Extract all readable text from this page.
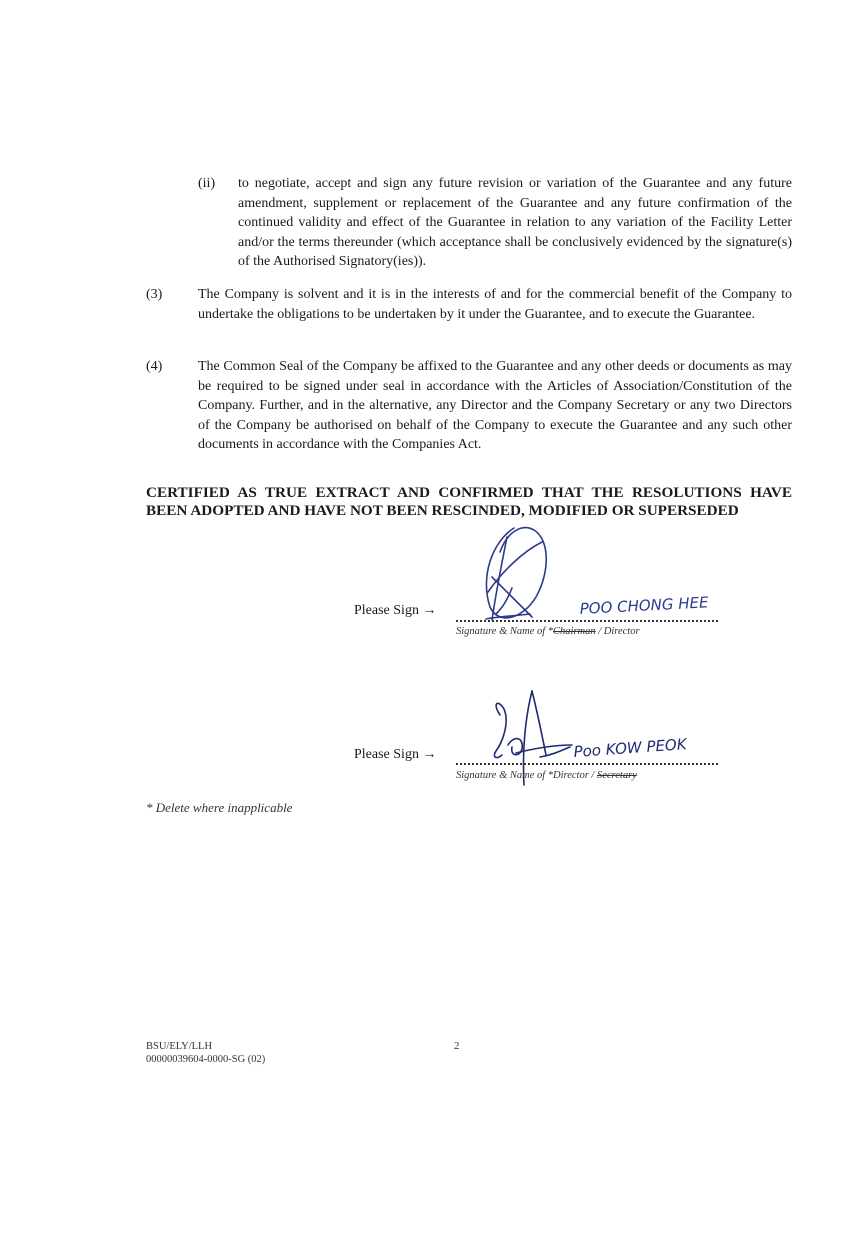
(ii) to negotiate, accept and sign any future revision or variation of the Guarantee and any future amendment, supplement or replacement of the Guarantee and any future confirmation of the continued validity and effect of the Guarantee in relation to any variation of the Facility Letter and/or the terms thereunder (which acceptance shall be conclusively evidenced by the signature(s) of the Authorised Signatory(ies)).
(3)	The Company is solvent and it is in the interests of and for the commercial benefit of the Company to undertake the obligations to be undertaken by it under the Guarantee, and to execute the Guarantee.
(4)	The Common Seal of the Company be affixed to the Guarantee and any other deeds or documents as may be required to be signed under seal in accordance with the Articles of Association/Constitution of the Company. Further, and in the alternative, any Director and the Company Secretary or any two Directors of the Company be authorised on behalf of the Company to execute the Guarantee and any such other documents in accordance with the Companies Act.
CERTIFIED AS TRUE EXTRACT AND CONFIRMED THAT THE RESOLUTIONS HAVE BEEN ADOPTED AND HAVE NOT BEEN RESCINDED, MODIFIED OR SUPERSEDED
Please Sign →	POO CHONG HEE
Signature & Name of *Chairman / Director
Please Sign →	Poo KOW PEOK
Signature & Name of *Director / Secretary
* Delete where inapplicable
BSU/ELY/LLH
00000039604-0000-SG (02)
2
